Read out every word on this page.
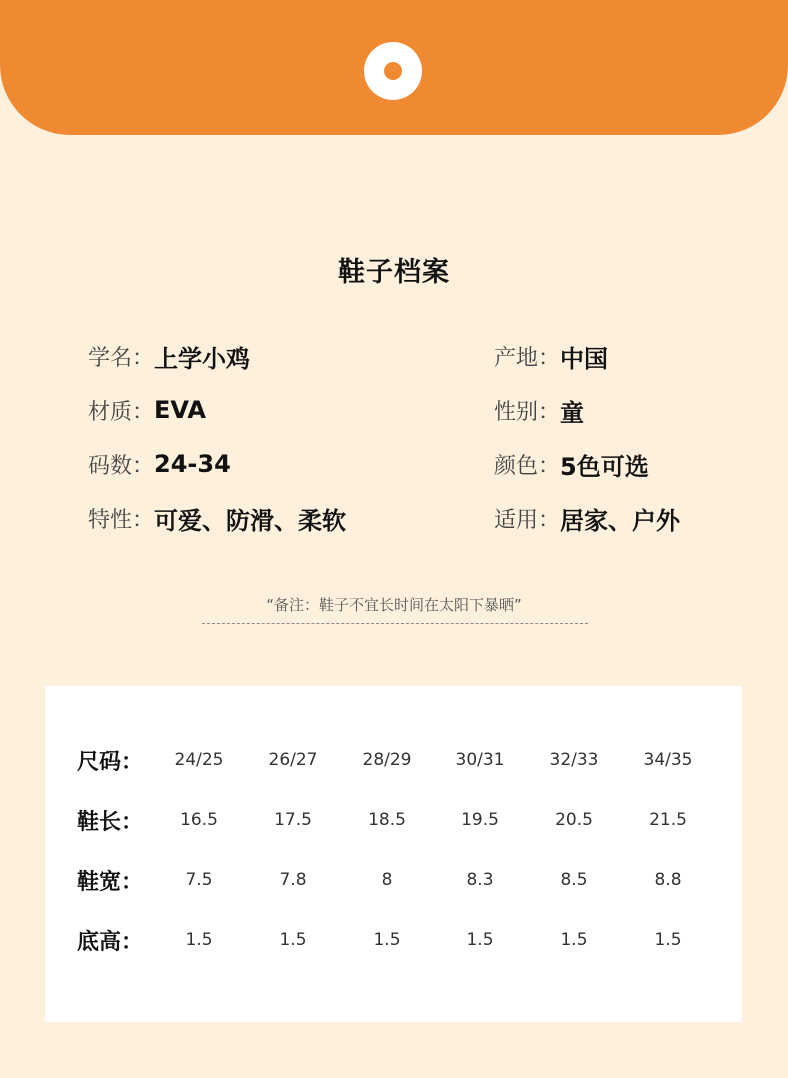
鞋子档案
学名 ： 上学小鸡
材质 ： EVA
码数 ： 24-34
特性 ： 可爱、防滑、柔软
产地 ： 中国
性别 ： 童
颜色 ： 5色可选
适用 ： 居家、户外
“备注：鞋子不宜长时间在太阳下暴晒”
尺码：	24/25	26/27	28/29	30/31	32/33	34/35
鞋长：	16.5	17.5	18.5	19.5	20.5	21.5
鞋宽：	7.5	7.8	8	8.3	8.5	8.8
底高：	1.5	1.5	1.5	1.5	1.5	1.5
